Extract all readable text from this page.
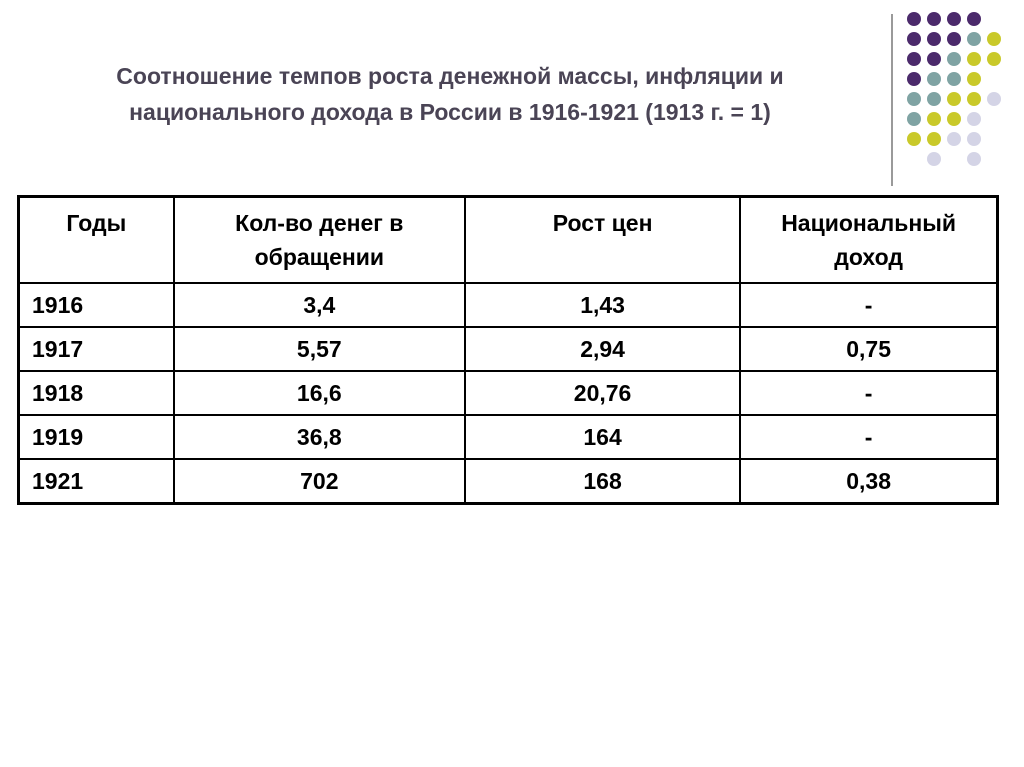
Соотношение темпов роста денежной массы, инфляции и
национального дохода в России в 1916-1921 (1913 г. = 1)
Годы	Кол-во денег в обращении	Рост цен	Национальный доход
1916	3,4	1,43	-
1917	5,57	2,94	0,75
1918	16,6	20,76	-
1919	36,8	164	-
1921	702	168	0,38
